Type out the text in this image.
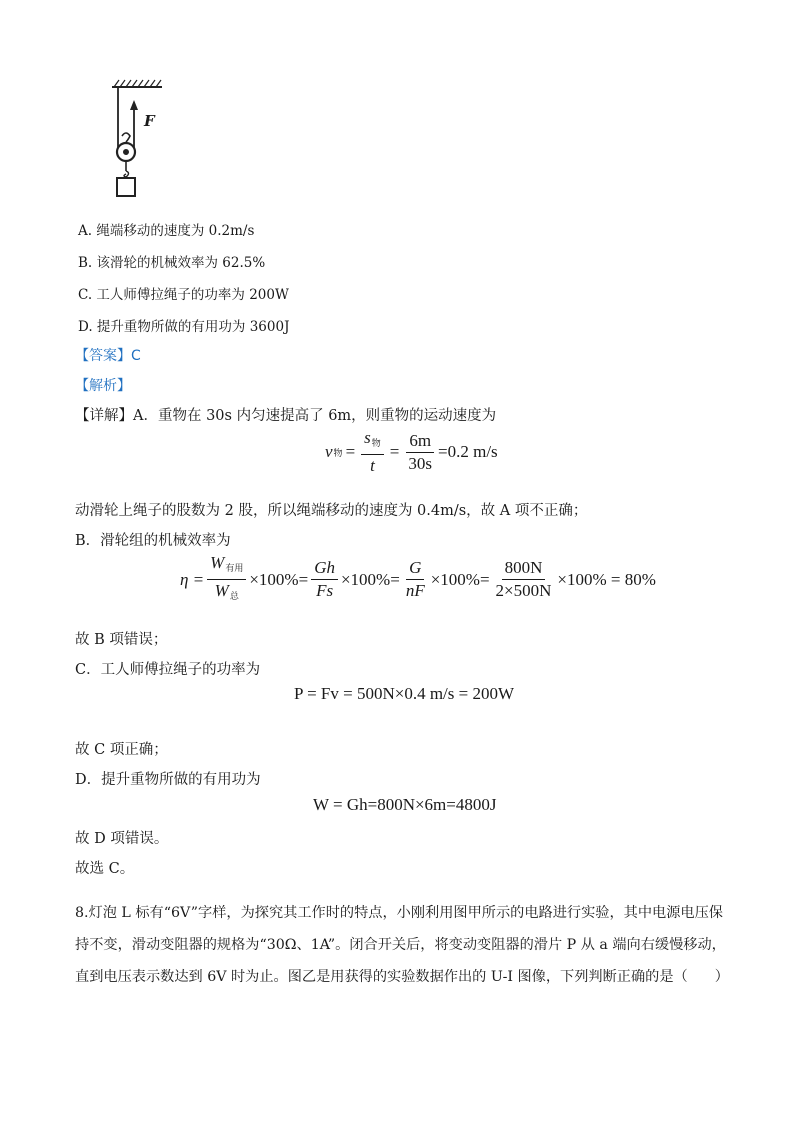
F
A. 绳端移动的速度为 0.2m/s
B. 该滑轮的机械效率为 62.5%
C. 工人师傅拉绳子的功率为 200W
D. 提升重物所做的有用功为 3600J
【答案】C
【解析】
【详解】A．重物在 30s 内匀速提高了 6m，则重物的运动速度为
v 物 = $\frac{s_物}{t} = \frac{6m}{30s} =0.2$ m/s
动滑轮上绳子的股数为 2 股，所以绳端移动的速度为 0.4m/s，故 A 项不正确；
B．滑轮组的机械效率为
$\eta = \frac{W_{有用}}{W_总} \times 100\%= \frac{Gh}{Fs} \times 100\%= \frac{G}{nF} \times 100\%= \frac{800N}{2\times 500N} \times 100\% = 80\%$
故 B 项错误；
C．工人师傅拉绳子的功率为
P = Fv = 500N×0.4 m/s = 200W
故 C 项正确；
D．提升重物所做的有用功为
W = Gh=800N×6m=4800J
故 D 项错误。
故选 C。
8.灯泡 L 标有“6V”字样，为探究其工作时的特点，小刚利用图甲所示的电路进行实验，其中电源电压保
持不变，滑动变阻器的规格为“30Ω、1A”。闭合开关后，将变动变阻器的滑片 P 从 a 端向右缓慢移动，
直到电压表示数达到 6V 时为止。图乙是用获得的实验数据作出的 U-I 图像，下列判断正确的是（      ）
